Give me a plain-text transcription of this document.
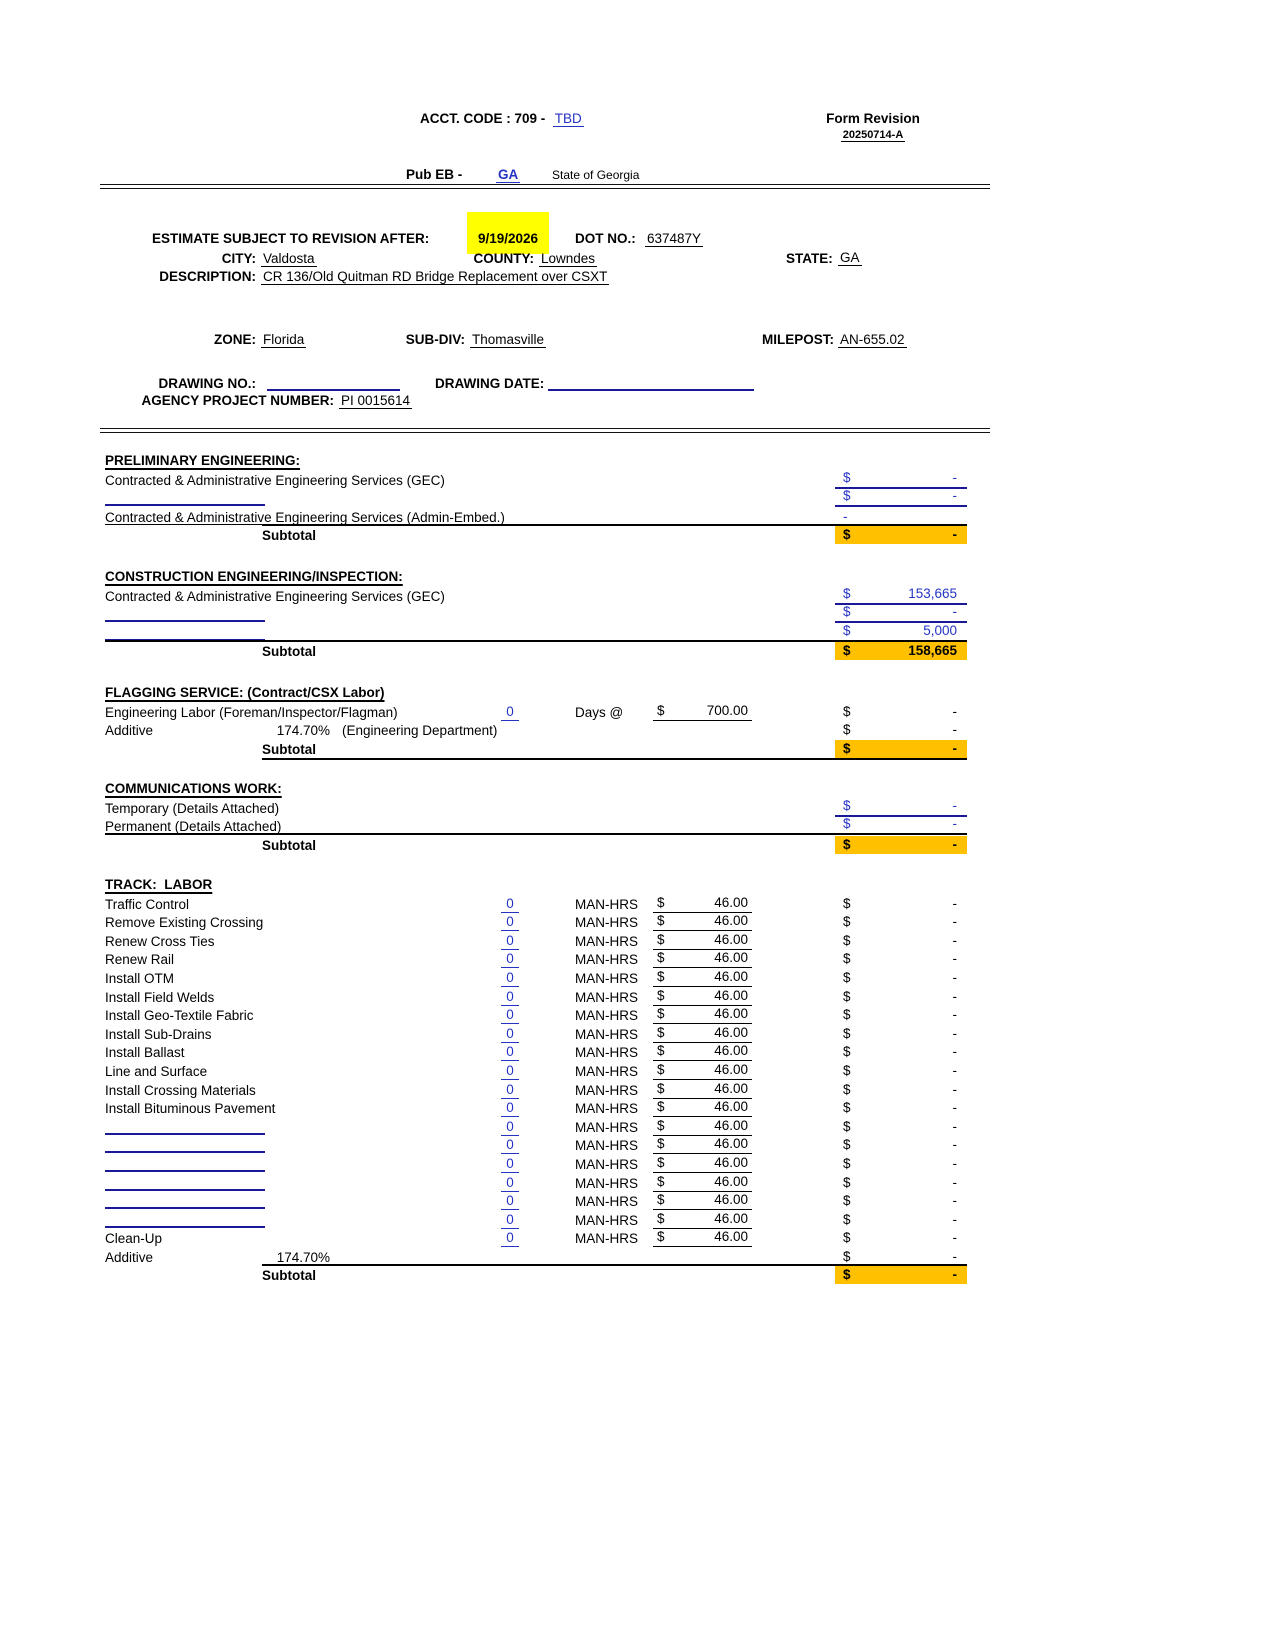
ACCT. CODE : 709 - TBD	Form Revision
20250714-A
Pub EB -	GA	State of Georgia
ESTIMATE SUBJECT TO REVISION AFTER:	9/19/2026	DOT NO.: 637487Y
CITY: Valdosta	COUNTY: Lowndes	STATE: GA
DESCRIPTION: CR 136/Old Quitman RD Bridge Replacement over CSXT
ZONE: Florida	SUB-DIV: Thomasville	MILEPOST: AN-655.02
DRAWING NO.:	DRAWING DATE:
AGENCY PROJECT NUMBER: PI 0015614
PRELIMINARY ENGINEERING:
Contracted & Administrative Engineering Services (GEC)	$	-
$	-
Contracted & Administrative Engineering Services (Admin-Embed.)	-
Subtotal	$	-
CONSTRUCTION ENGINEERING/INSPECTION:
Contracted & Administrative Engineering Services (GEC)	$	153,665
$	-
$	5,000
Subtotal	$	158,665
FLAGGING SERVICE: (Contract/CSX Labor)
Engineering Labor (Foreman/Inspector/Flagman)	0	Days @	$	700.00	$	-
Additive	174.70% (Engineering Department)	$	-
Subtotal	$	-
COMMUNICATIONS WORK:
Temporary (Details Attached)	$	-
Permanent (Details Attached)	$	-
Subtotal	$	-
TRACK:  LABOR
Traffic Control	0	MAN-HRS	$	46.00	$	-
Remove Existing Crossing	0	MAN-HRS	$	46.00	$	-
Renew Cross Ties	0	MAN-HRS	$	46.00	$	-
Renew Rail	0	MAN-HRS	$	46.00	$	-
Install OTM	0	MAN-HRS	$	46.00	$	-
Install Field Welds	0	MAN-HRS	$	46.00	$	-
Install Geo-Textile Fabric	0	MAN-HRS	$	46.00	$	-
Install Sub-Drains	0	MAN-HRS	$	46.00	$	-
Install Ballast	0	MAN-HRS	$	46.00	$	-
Line and Surface	0	MAN-HRS	$	46.00	$	-
Install Crossing Materials	0	MAN-HRS	$	46.00	$	-
Install Bituminous Pavement	0	MAN-HRS	$	46.00	$	-
0	MAN-HRS	$	46.00	$	-
0	MAN-HRS	$	46.00	$	-
0	MAN-HRS	$	46.00	$	-
0	MAN-HRS	$	46.00	$	-
0	MAN-HRS	$	46.00	$	-
0	MAN-HRS	$	46.00	$	-
Clean-Up	0	MAN-HRS	$	46.00	$	-
Additive	174.70%	$	-
Subtotal	$	-
